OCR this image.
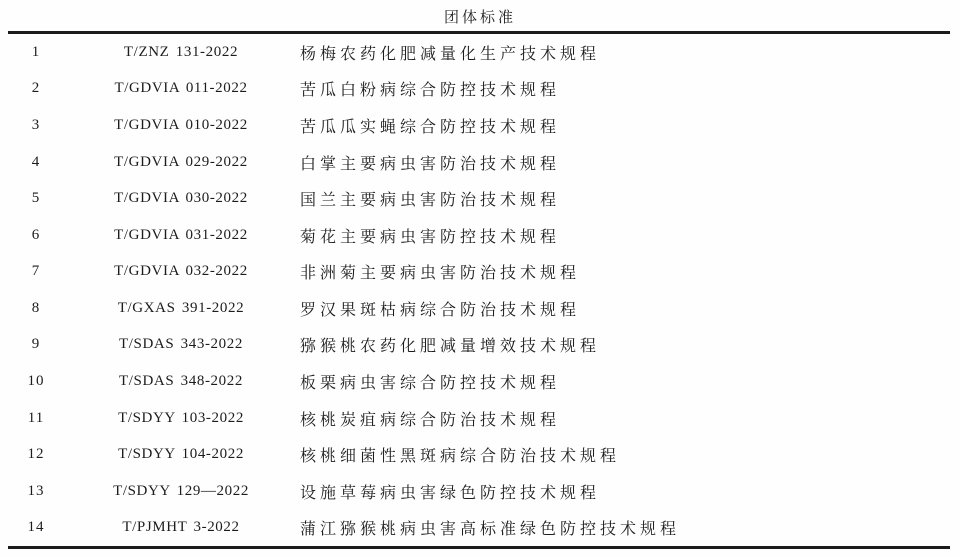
团体标准
1	T/ZNZ 131-2022	杨梅农药化肥减量化生产技术规程
2	T/GDVIA 011-2022	苦瓜白粉病综合防控技术规程
3	T/GDVIA 010-2022	苦瓜瓜实蝇综合防控技术规程
4	T/GDVIA 029-2022	白掌主要病虫害防治技术规程
5	T/GDVIA 030-2022	国兰主要病虫害防治技术规程
6	T/GDVIA 031-2022	菊花主要病虫害防控技术规程
7	T/GDVIA 032-2022	非洲菊主要病虫害防治技术规程
8	T/GXAS 391-2022	罗汉果斑枯病综合防治技术规程
9	T/SDAS 343-2022	猕猴桃农药化肥减量增效技术规程
10	T/SDAS 348-2022	板栗病虫害综合防控技术规程
11	T/SDYY 103-2022	核桃炭疽病综合防治技术规程
12	T/SDYY 104-2022	核桃细菌性黑斑病综合防治技术规程
13	T/SDYY 129—2022	设施草莓病虫害绿色防控技术规程
14	T/PJMHT 3-2022	蒲江猕猴桃病虫害高标准绿色防控技术规程
